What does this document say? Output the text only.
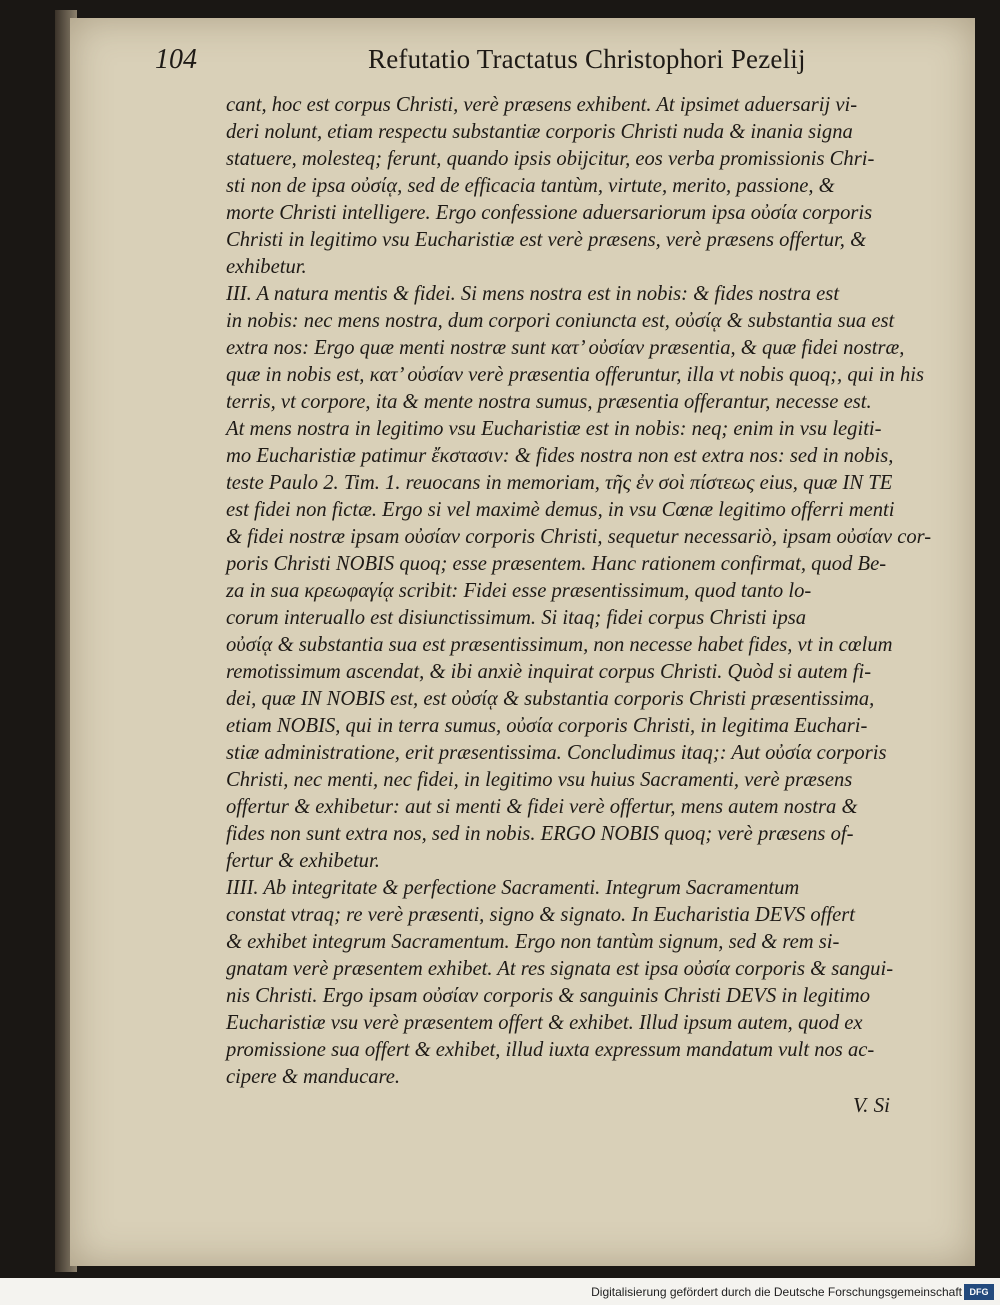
104	Refutatio Tractatus Christophori Pezelij
cant, hoc est corpus Christi, verè præsens exhibent. At ipsimet aduersarij vi-
deri nolunt, etiam respectu substantiæ corporis Christi nuda & inania signa
statuere, molesteq; ferunt, quando ipsis obijcitur, eos verba promissionis Chri-
sti non de ipsa οὐσίᾳ, sed de efficacia tantùm, virtute, merito, passione, &
morte Christi intelligere. Ergo confessione aduersariorum ipsa οὐσία corporis
Christi in legitimo vsu Eucharistiæ est verè præsens, verè præsens offertur, &
exhibetur.
III. A natura mentis & fidei. Si mens nostra est in nobis: & fides nostra est
in nobis: nec mens nostra, dum corpori coniuncta est, οὐσίᾳ & substantia sua est
extra nos: Ergo quæ menti nostræ sunt κατ’ οὐσίαν præsentia, & quæ fidei nostræ,
quæ in nobis est, κατ’ οὐσίαν verè præsentia offeruntur, illa vt nobis quoq;, qui in his
terris, vt corpore, ita & mente nostra sumus, præsentia offerantur, necesse est.
At mens nostra in legitimo vsu Eucharistiæ est in nobis: neq; enim in vsu legiti-
mo Eucharistiæ patimur ἔκστασιν: & fides nostra non est extra nos: sed in nobis,
teste Paulo 2. Tim. 1. reuocans in memoriam, τῆς ἐν σοὶ πίστεως eius, quæ IN TE
est fidei non fictæ. Ergo si vel maximè demus, in vsu Cœnæ legitimo offerri menti
& fidei nostræ ipsam οὐσίαν corporis Christi, sequetur necessariò, ipsam οὐσίαν cor-
poris Christi NOBIS quoq; esse præsentem. Hanc rationem confirmat, quod Be-
za in sua κρεωφαγίᾳ scribit: Fidei esse præsentissimum, quod tanto lo-
corum interuallo est disiunctissimum. Si itaq; fidei corpus Christi ipsa
οὐσίᾳ & substantia sua est præsentissimum, non necesse habet fides, vt in cœlum
remotissimum ascendat, & ibi anxiè inquirat corpus Christi. Quòd si autem fi-
dei, quæ IN NOBIS est, est οὐσίᾳ & substantia corporis Christi præsentissima,
etiam NOBIS, qui in terra sumus, οὐσία corporis Christi, in legitima Euchari-
stiæ administratione, erit præsentissima. Concludimus itaq;: Aut οὐσία corporis
Christi, nec menti, nec fidei, in legitimo vsu huius Sacramenti, verè præsens
offertur & exhibetur: aut si menti & fidei verè offertur, mens autem nostra &
fides non sunt extra nos, sed in nobis. ERGO NOBIS quoq; verè præsens of-
fertur & exhibetur.
IIII. Ab integritate & perfectione Sacramenti. Integrum Sacramentum
constat vtraq; re verè præsenti, signo & signato. In Eucharistia DEVS offert
& exhibet integrum Sacramentum. Ergo non tantùm signum, sed & rem si-
gnatam verè præsentem exhibet. At res signata est ipsa οὐσία corporis & sangui-
nis Christi. Ergo ipsam οὐσίαν corporis & sanguinis Christi DEVS in legitimo
Eucharistiæ vsu verè præsentem offert & exhibet. Illud ipsum autem, quod ex
promissione sua offert & exhibet, illud iuxta expressum mandatum vult nos ac-
cipere & manducare.
V. Si
Digitalisierung gefördert durch die Deutsche Forschungsgemeinschaft DFG
